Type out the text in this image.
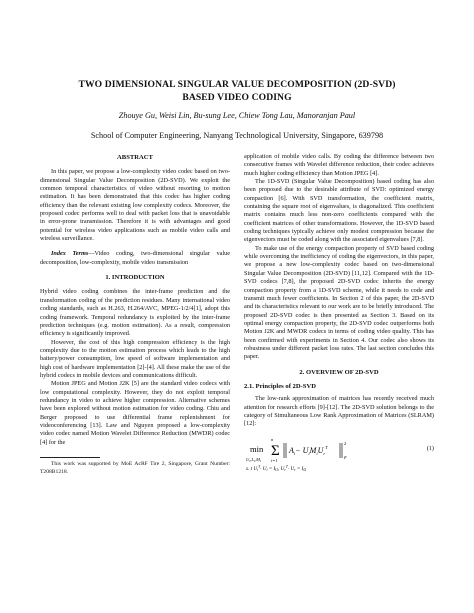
TWO DIMENSIONAL SINGULAR VALUE DECOMPOSITION (2D-SVD)
BASED VIDEO CODING
Zhouye Gu, Weisi Lin, Bu-sung Lee, Chiew Tong Lau, Manoranjan Paul
School of Computer Engineering, Nanyang Technological University, Singapore, 639798
ABSTRACT

In this paper, we propose a low-complexity video codec based on two-dimensional Singular Value Decomposition (2D-SVD). We exploit the common temporal characteristics of video without resorting to motion estimation. It has been demonstrated that this codec has higher coding efficiency than the relevant existing low complexity codecs. Moreover, the proposed codec performs well to deal with packet loss that is unavoidable in error-prone transmission. Therefore it is with advantages and good potential for wireless video applications such as mobile video calls and wireless surveillance.

Index Terms—Video coding, two-dimensional singular value decomposition, low-complexity, mobile video transmission

1. INTRODUCTION

Hybrid video coding combines the inter-frame prediction and the transformation coding of the prediction residues. Many international video coding standards, such as H.263, H.264/AVC, MPEG-1/2/4[1], adopt this coding framework. Temporal redundancy is exploited by the inter-frame prediction techniques (e.g. motion estimation). As a result, compression efficiency is significantly improved.

However, the cost of this high compression efficiency is the high complexity due to the motion estimation process which leads to the high battery/power consumption, low speed of software implementation and high cost of hardware implementation [2]-[4]. All these make the use of the hybrid codecs in mobile devices and communications difficult.

Motion JPEG and Motion J2K [5] are the standard video codecs with low computational complexity. However, they do not exploit temporal redundancy in video to achieve higher compression. Alternative schemes have been explored without motion estimation for video coding. Chiu and Berger proposed to use differential frame replenishment for videoconferencing [13]. Law and Nguyen proposed a low-complexity video codec named Motion Wavelet Difference Reduction (MWDR) codec [4] for the

This work was supported by MoE AcRF Tire 2, Singapore, Grant Number: T208B1218.

application of mobile video calls. By coding the difference between two consecutive frames with Wavelet difference reduction, their codec achieves much higher coding efficiency than Motion JPEG [4].

The 1D-SVD (Singular Value Decomposition) based coding has also been proposed due to the desirable attribute of SVD: optimized energy compaction [6]. With SVD transformation, the coefficient matrix, containing the square root of eigenvalues, is diagonalized. This coefficient matrix contains much less non-zero coefficients compared with the coefficient matrices of other transformations. However, the 1D-SVD based coding techniques typically achieve only modest compression because the eigenvectors must be coded along with the associated eigenvalues [7,8].

To make use of the energy compaction property of SVD based coding while overcoming the inefficiency of coding the eigenvectors, in this paper, we propose a new low-complexity codec based on two-dimensional Singular Value Decomposition (2D-SVD) [11,12]. Compared with the 1D-SVD codecs [7,8], the proposed 2D-SVD codec inherits the energy compaction property from a 1D-SVD scheme, while it needs to code and transmit much fewer coefficients. In Section 2 of this paper, the 2D-SVD and its characteristics relevant to our work are to be briefly introduced. The proposed 2D-SVD codec is then presented as Section 3. Based on its optimal energy compaction property, the 2D-SVD codec outperforms both Motion J2K and MWDR codecs in terms of coding video quality. This has been confirmed with experiments in Section 4. Our codec also shows its robustness under different packet loss rates. The last section concludes this paper.

2. OVERVIEW OF 2D-SVD
2.1. Principles of 2D-SVD

The low-rank approximation of matrices has recently received much attention for research efforts [9]-[12]. The 2D-SVD solution belongs to the category of Simultaneous Low Rank Approximation of Matrices (SLRAM) [12]:

min
$U_i,L_i,M_i$
Σ
n
i=1
$A_i- U_iM_iU_r^T$
2
F
s. t $Ui^T\cdot Ui = Il1$, $Ur^T\cdot Ur = Il2$
(1)
